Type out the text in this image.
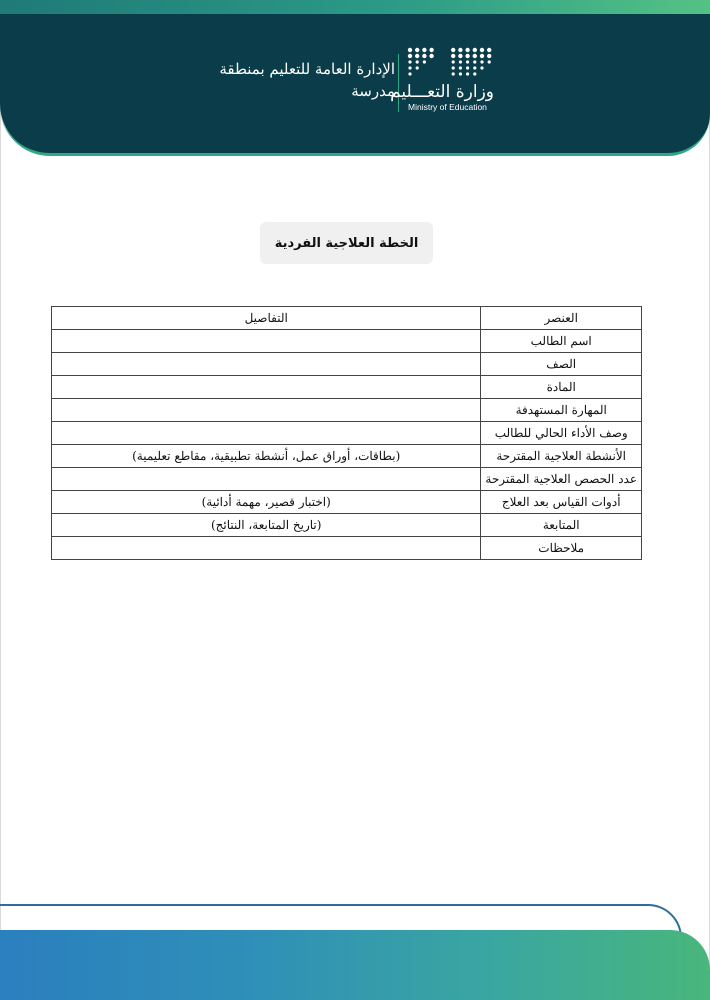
الإدارة العامة للتعليم بمنطقة
مدرسة
وزارة التعـــليم
Ministry of Education
الخطة العلاجية الفردية
العنصر	التفاصيل
اسم الطالب	
الصف	
المادة	
المهارة المستهدفة	
وصف الأداء الحالي للطالب	
الأنشطة العلاجية المقترحة	(بطاقات، أوراق عمل، أنشطة تطبيقية، مقاطع تعليمية)
عدد الحصص العلاجية المقترحة	
أدوات القياس بعد العلاج	(اختبار قصير، مهمة أدائية)
المتابعة	(تاريخ المتابعة، النتائج)
ملاحظات	
